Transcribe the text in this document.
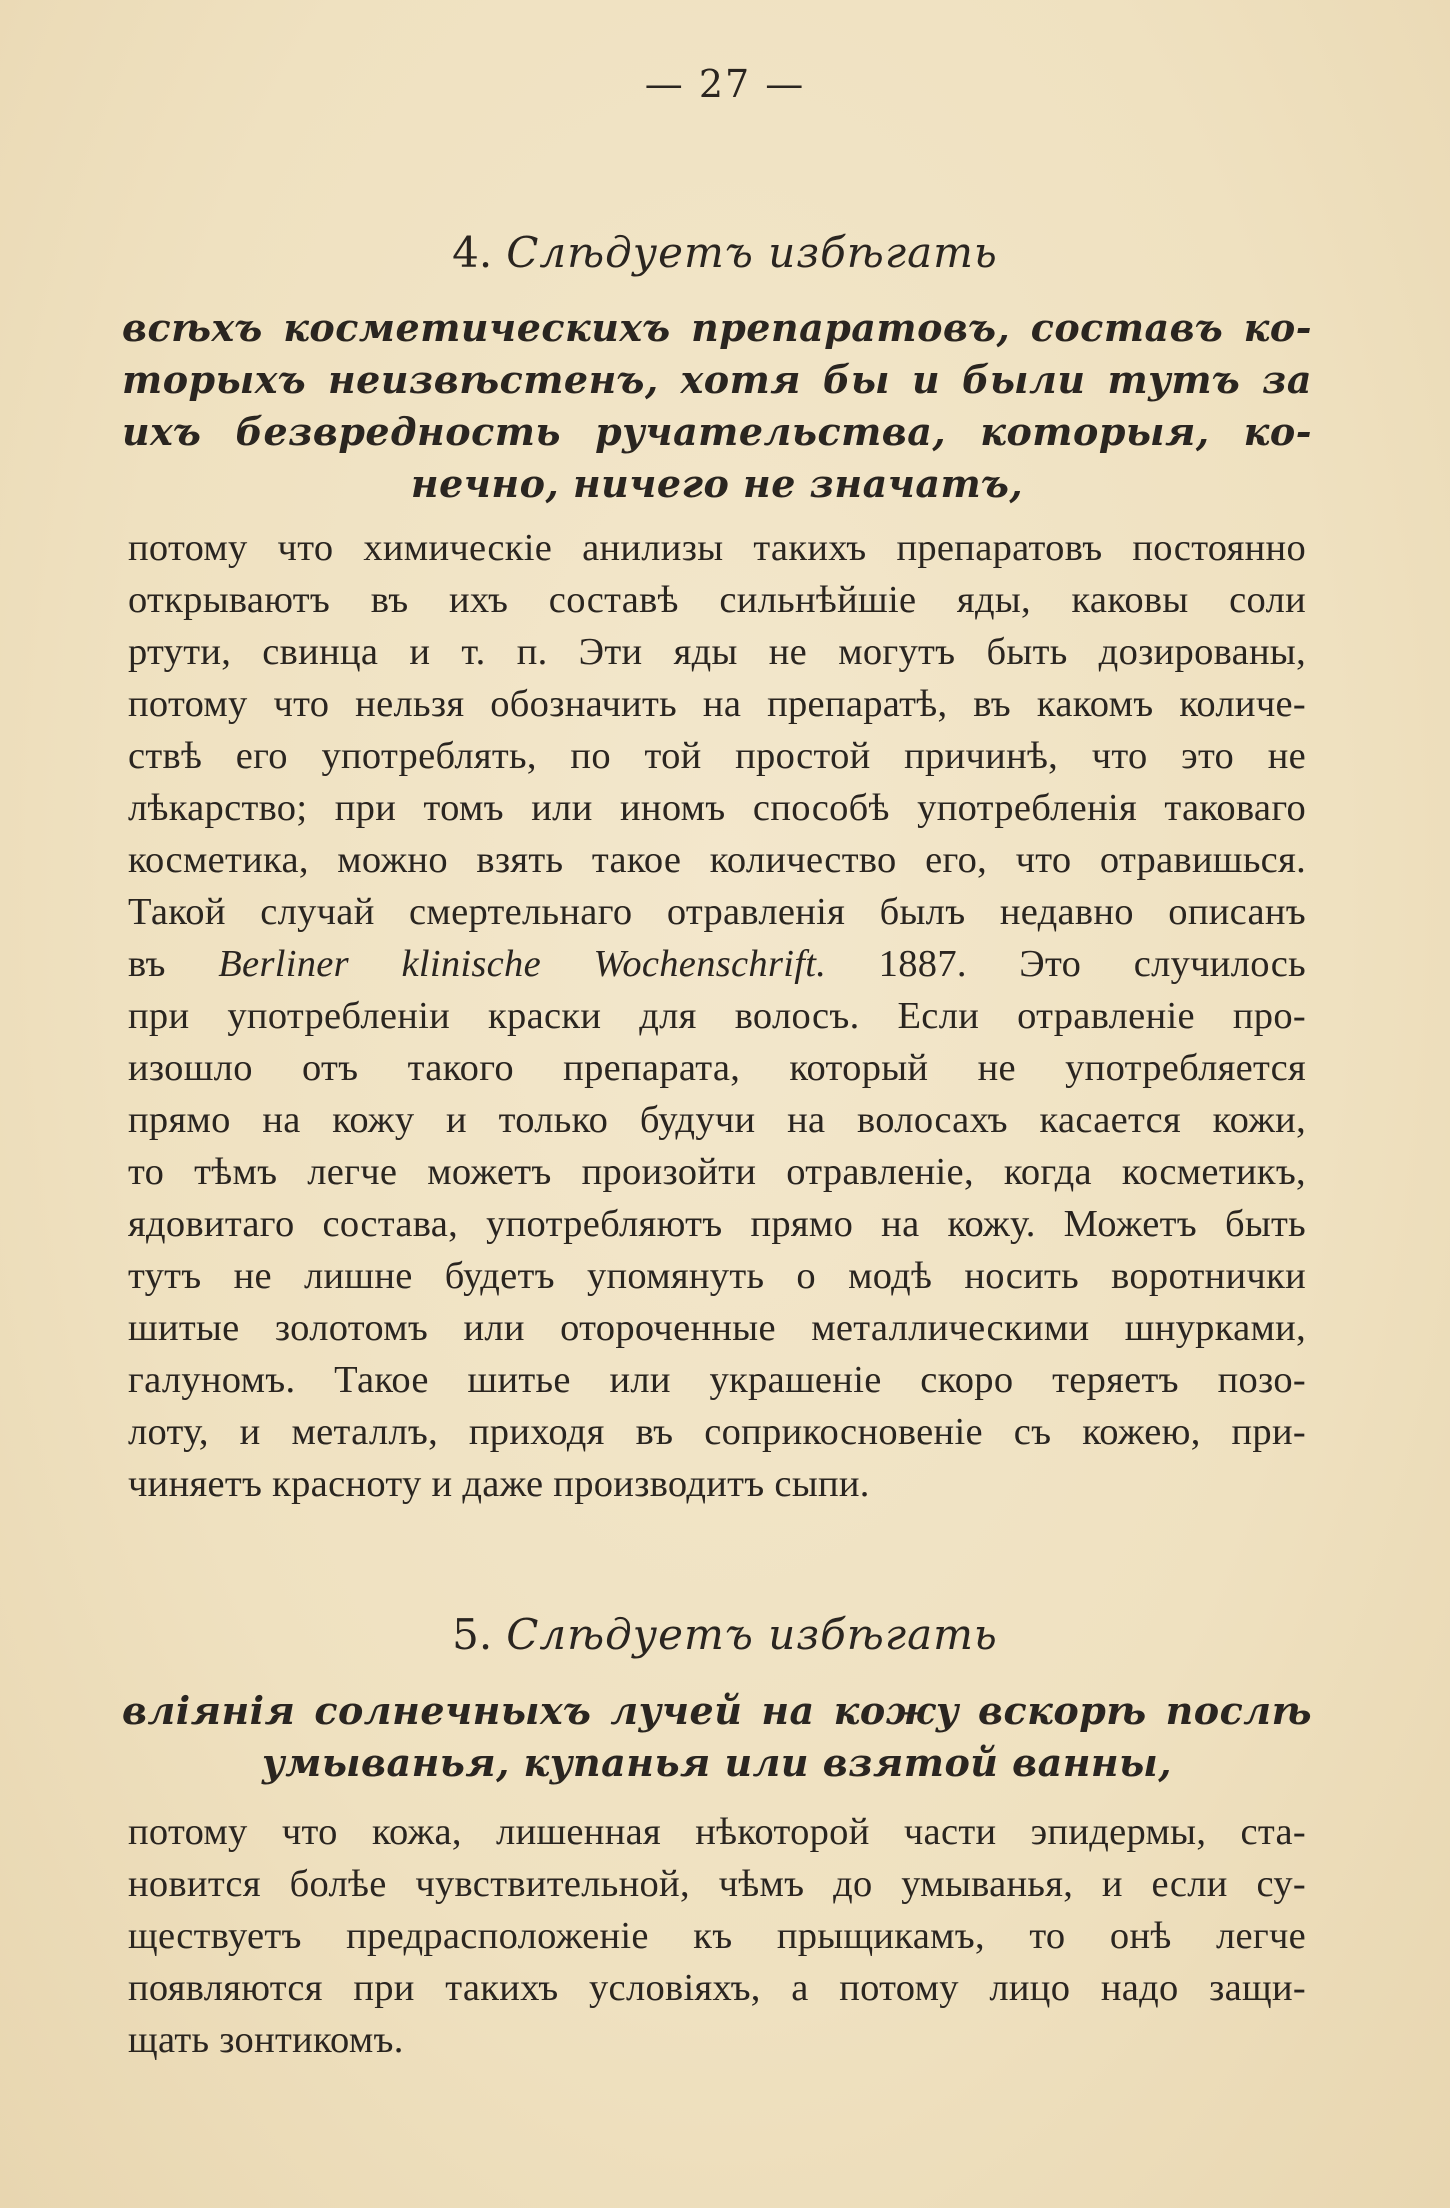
— 27 —
4. Слѣдуетъ избѣгать
всѣхъ косметическихъ препаратовъ, составъ ко-
торыхъ неизвѣстенъ, хотя бы и были тутъ за
ихъ безвредность ручательства, которыя, ко-
нечно, ничего не значатъ,
потому что химическіе анилизы такихъ препаратовъ постоянно
открываютъ въ ихъ составѣ сильнѣйшіе яды, каковы соли
ртути, свинца и т. п. Эти яды не могутъ быть дозированы,
потому что нельзя обозначить на препаратѣ, въ какомъ количе-
ствѣ его употреблять, по той простой причинѣ, что это не
лѣкарство; при томъ или иномъ способѣ употребленія таковаго
косметика, можно взять такое количество его, что отравишься.
Такой случай смертельнаго отравленія былъ недавно описанъ
въ Berliner klinische Wochenschrift. 1887. Это случилось
при употребленіи краски для волосъ. Если отравленіе про-
изошло отъ такого препарата, который не употребляется
прямо на кожу и только будучи на волосахъ касается кожи,
то тѣмъ легче можетъ произойти отравленіе, когда косметикъ,
ядовитаго состава, употребляютъ прямо на кожу. Можетъ быть
тутъ не лишне будетъ упомянуть о модѣ носить воротнички
шитые золотомъ или отороченные металлическими шнурками,
галуномъ. Такое шитье или украшеніе скоро теряетъ позо-
лоту, и металлъ, приходя въ соприкосновеніе съ кожею, при-
чиняетъ красноту и даже производитъ сыпи.
5. Слѣдуетъ избѣгать
вліянія солнечныхъ лучей на кожу вскорѣ послѣ
умыванья, купанья или взятой ванны,
потому что кожа, лишенная нѣкоторой части эпидермы, ста-
новится болѣе чувствительной, чѣмъ до умыванья, и если су-
ществуетъ предрасположеніе къ прыщикамъ, то онѣ легче
появляются при такихъ условіяхъ, а потому лицо надо защи-
щать зонтикомъ.
